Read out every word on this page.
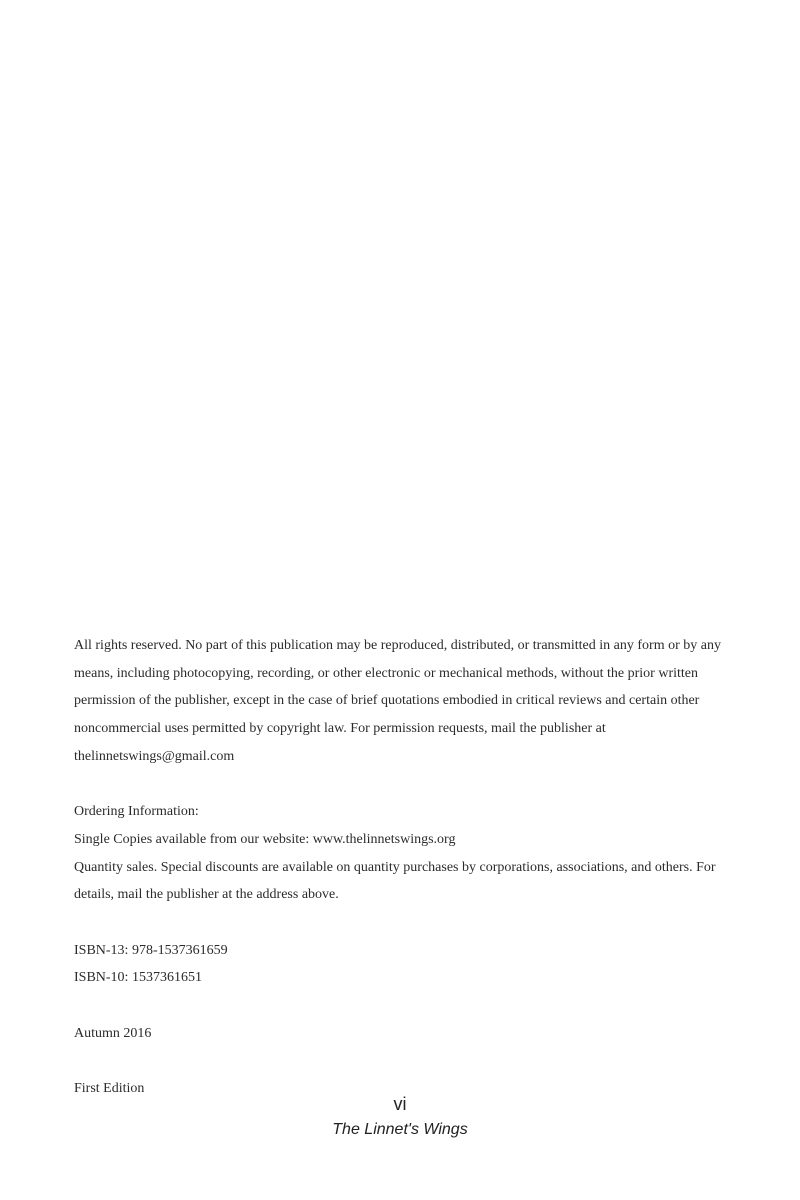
All rights reserved. No part of this publication may be reproduced, distributed, or transmitted in any form or by any means, including photocopying, recording, or other electronic or mechanical methods, without the prior written permission of the publisher, except in the case of brief quotations embodied in critical reviews and certain other noncommercial uses permitted by copyright law. For permission requests, mail the publisher at thelinnetswings@gmail.com

Ordering Information:

Single Copies available from our website: www.thelinnetswings.org

Quantity sales. Special discounts are available on quantity purchases by corporations, associations, and others. For details, mail the publisher at the address above.

ISBN-13: 978-1537361659

ISBN-10: 1537361651

Autumn 2016

First Edition

vi
The Linnet's Wings
